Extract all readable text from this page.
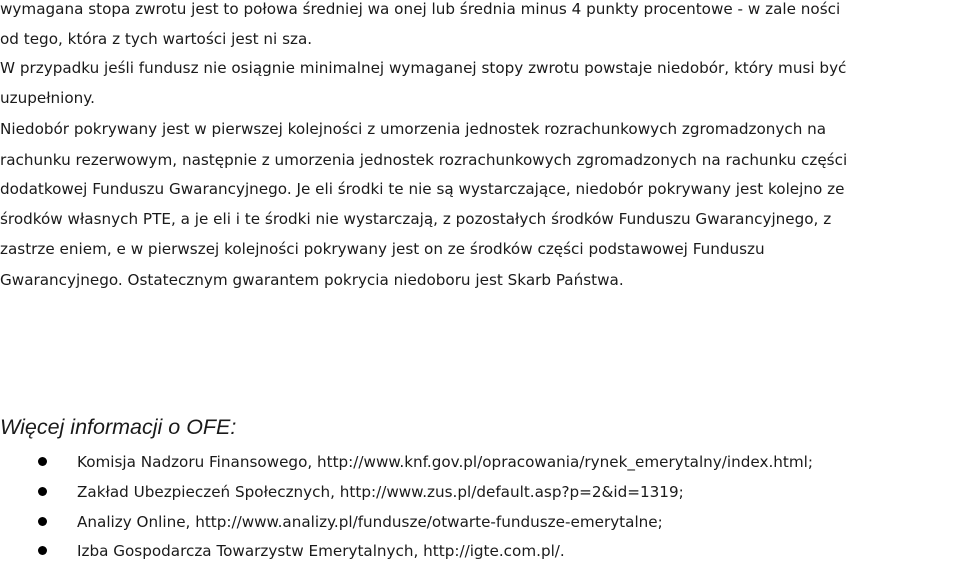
wymagana stopa zwrotu jest to połowa średniej wa onej lub średnia minus 4 punkty procentowe - w zale ności
od tego, która z tych wartości jest ni sza.
W przypadku jeśli fundusz nie osiągnie minimalnej wymaganej stopy zwrotu powstaje niedobór, który musi być
uzupełniony.
Niedobór pokrywany jest w pierwszej kolejności z umorzenia jednostek rozrachunkowych zgromadzonych na
rachunku rezerwowym, następnie z umorzenia jednostek rozrachunkowych zgromadzonych na rachunku części
dodatkowej Funduszu Gwarancyjnego. Je eli środki te nie są wystarczające, niedobór pokrywany jest kolejno ze
środków własnych PTE, a je eli i te środki nie wystarczają, z pozostałych środków Funduszu Gwarancyjnego, z
zastrze eniem, e w pierwszej kolejności pokrywany jest on ze środków części podstawowej Funduszu
Gwarancyjnego. Ostatecznym gwarantem pokrycia niedoboru jest Skarb Państwa.
Więcej informacji o OFE:
Komisja Nadzoru Finansowego, http://www.knf.gov.pl/opracowania/rynek_emerytalny/index.html;
Zakład Ubezpieczeń Społecznych, http://www.zus.pl/default.asp?p=2&id=1319;
Analizy Online, http://www.analizy.pl/fundusze/otwarte-fundusze-emerytalne;
Izba Gospodarcza Towarzystw Emerytalnych, http://igte.com.pl/.
